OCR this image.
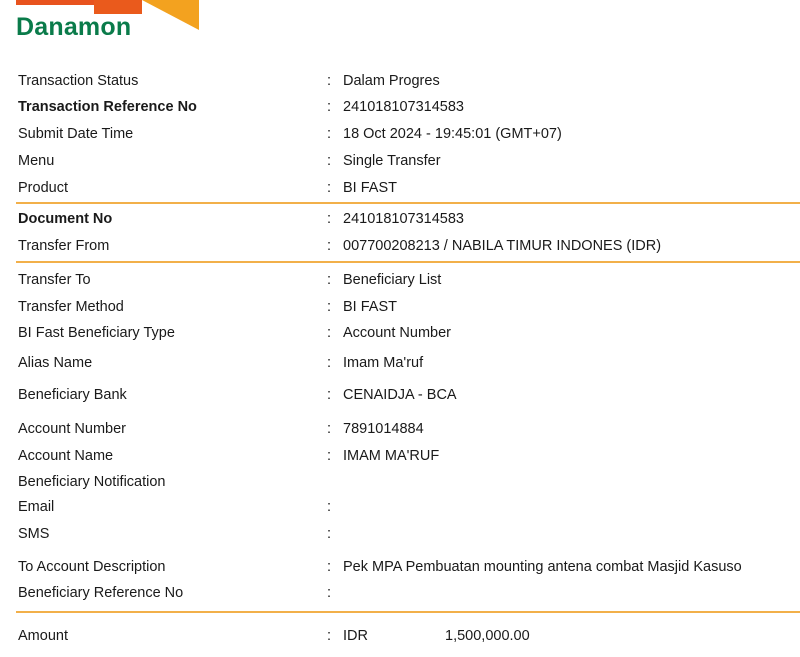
Danamon
Transaction Status	: Dalam Progres
Transaction Reference No	: 241018107314583
Submit Date Time	: 18 Oct 2024 - 19:45:01 (GMT+07)
Menu	: Single Transfer
Product	: BI FAST
Document No	: 241018107314583
Transfer From	: 007700208213 / NABILA TIMUR INDONES (IDR)
Transfer To	: Beneficiary List
Transfer Method	: BI FAST
BI Fast Beneficiary Type	: Account Number
Alias Name	: Imam Ma'ruf
Beneficiary Bank	: CENAIDJA - BCA
Account Number	: 7891014884
Account Name	: IMAM MA'RUF
Beneficiary Notification
Email	:
SMS	:
To Account Description	: Pek MPA Pembuatan mounting antena combat Masjid Kasuso
Beneficiary Reference No	:
Amount	: IDR	1,500,000.00
